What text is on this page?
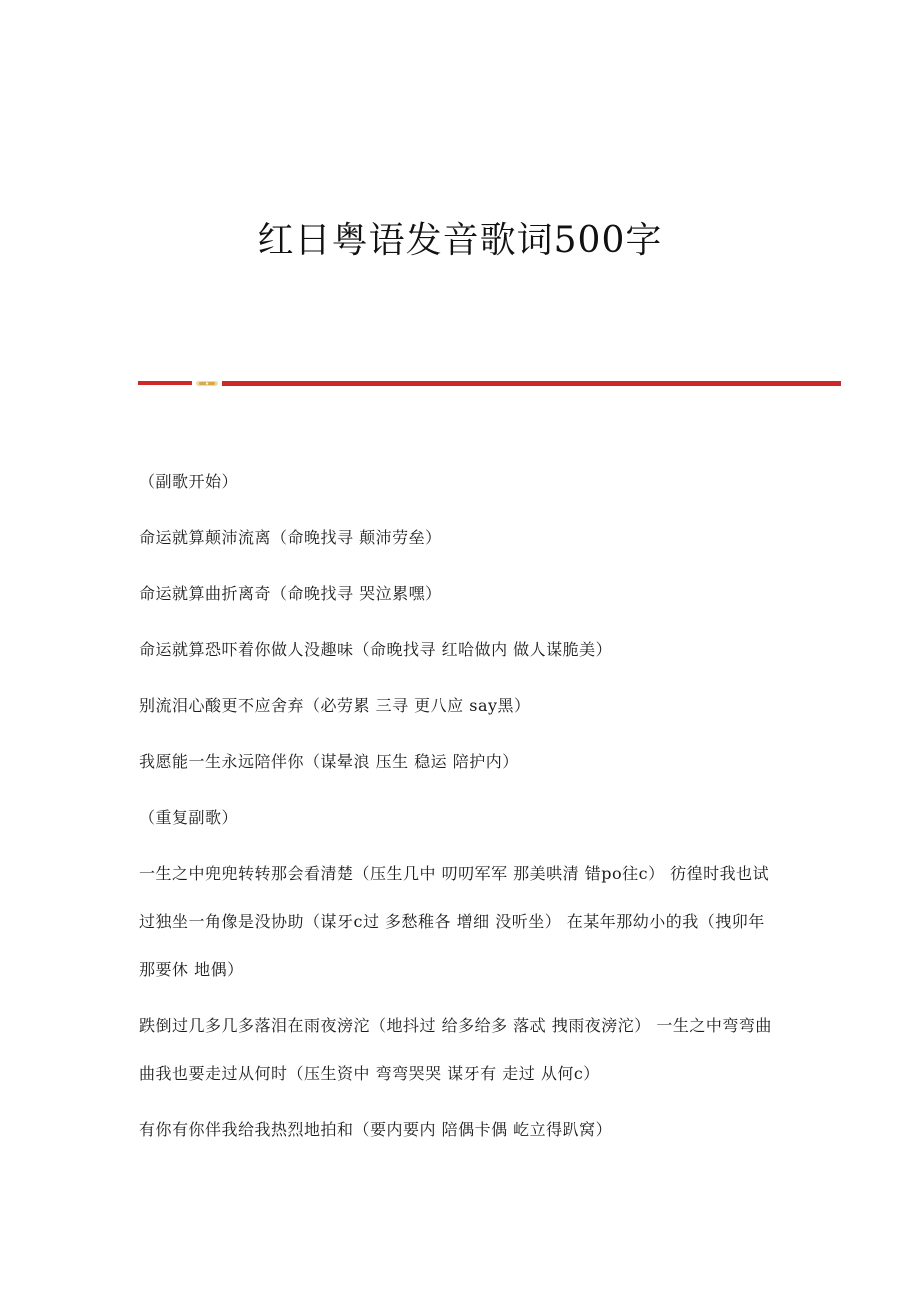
红日粤语发音歌词500字

（副歌开始）

命运就算颠沛流离（命晚找寻 颠沛劳垒）

命运就算曲折离奇（命晚找寻 哭泣累嘿）

命运就算恐吓着你做人没趣味（命晚找寻 红哈做内 做人谋脆美）

别流泪心酸更不应舍弃（必劳累 三寻 更八应 say黑）

我愿能一生永远陪伴你（谋晕浪 压生 稳运 陪护内）

（重复副歌）

一生之中兜兜转转那会看清楚（压生几中 叨叨军军 那美哄清 错po往c） 彷徨时我也试过独坐一角像是没协助（谋牙c过 多愁稚各 增细 没听坐） 在某年那幼小的我（拽卯年 那要休 地偶）

跌倒过几多几多落泪在雨夜滂沱（地抖过 给多给多 落忒 拽雨夜滂沱） 一生之中弯弯曲曲我也要走过从何时（压生资中 弯弯哭哭 谋牙有 走过 从何c）

有你有你伴我给我热烈地拍和（要内要内 陪偶卡偶 屹立得趴窝）
